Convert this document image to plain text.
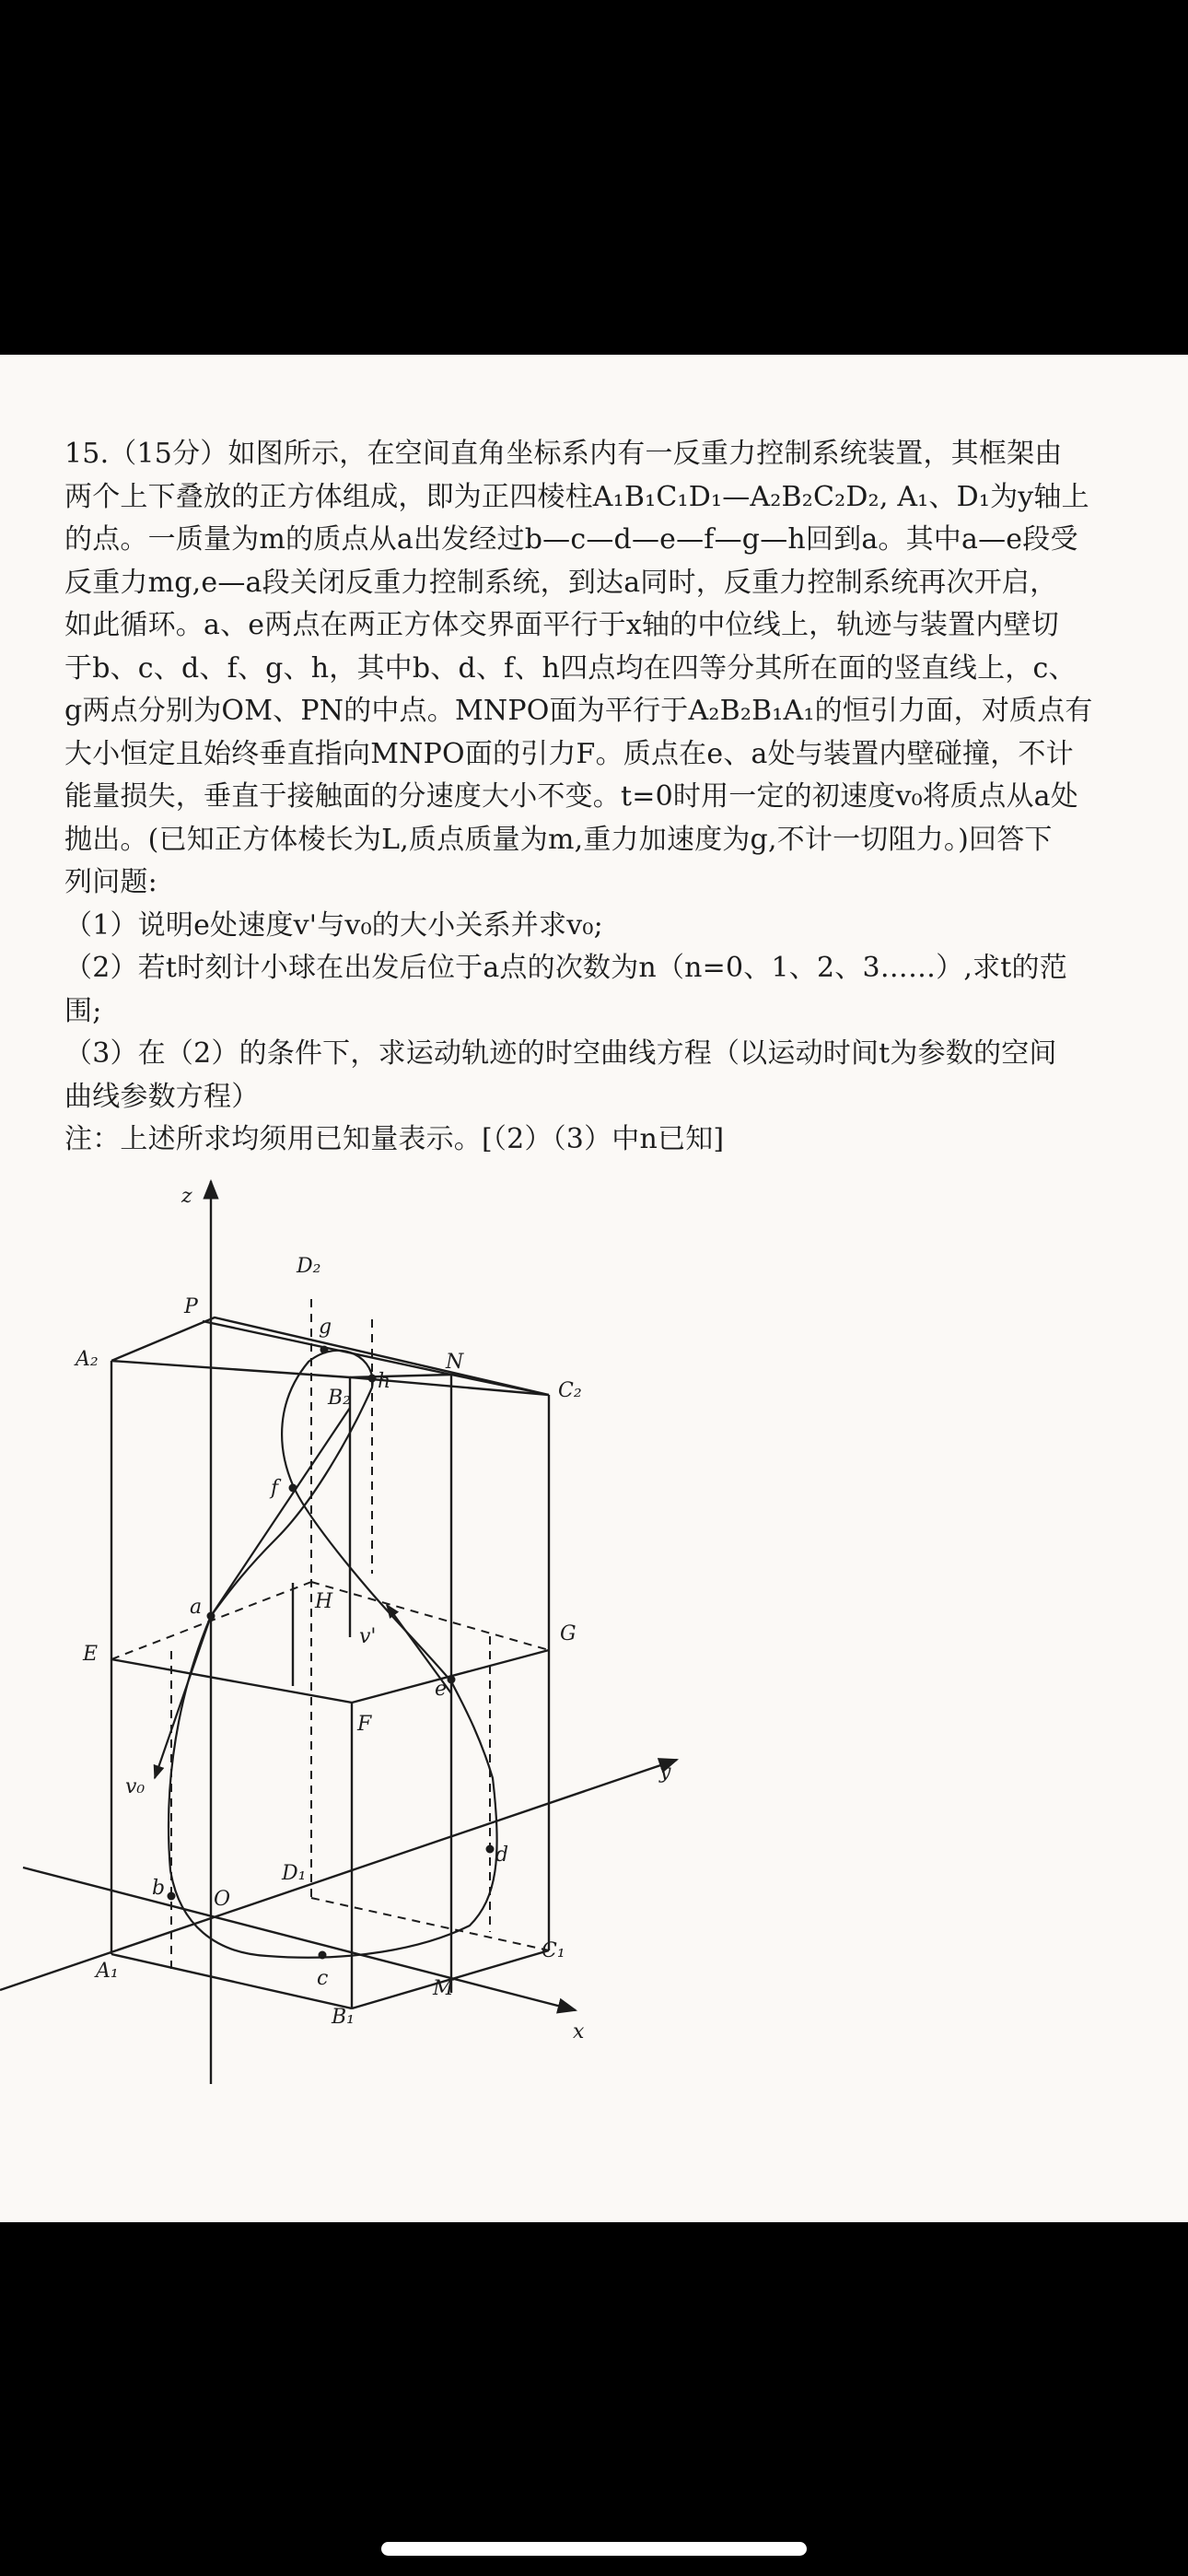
15.（15分）如图所示，在空间直角坐标系内有一反重力控制系统装置，其框架由
两个上下叠放的正方体组成，即为正四棱柱A₁B₁C₁D₁—A₂B₂C₂D₂, A₁、D₁为y轴上
的点。一质量为m的质点从a出发经过b—c—d—e—f—g—h回到a。其中a—e段受
反重力mg,e—a段关闭反重力控制系统，到达a同时，反重力控制系统再次开启，
如此循环。a、e两点在两正方体交界面平行于x轴的中位线上，轨迹与装置内壁切
于b、c、d、f、g、h，其中b、d、f、h四点均在四等分其所在面的竖直线上，c、
g两点分别为OM、PN的中点。MNPO面为平行于A₂B₂B₁A₁的恒引力面，对质点有
大小恒定且始终垂直指向MNPO面的引力F。质点在e、a处与装置内壁碰撞，不计
能量损失，垂直于接触面的分速度大小不变。t=0时用一定的初速度v₀将质点从a处
抛出。(已知正方体棱长为L,质点质量为m,重力加速度为g,不计一切阻力。)回答下
列问题:
（1）说明e处速度v'与v₀的大小关系并求v₀;
（2）若t时刻计小球在出发后位于a点的次数为n（n=0、1、2、3……）,求t的范
围;
（3）在（2）的条件下，求运动轨迹的时空曲线方程（以运动时间t为参数的空间
曲线参数方程）
注：上述所求均须用已知量表示。[（2）（3）中n已知]
z
y
x
O
P
D₂
C₂
A₂	N
B₂
E
H
G
F
A₁
B₁
C₁
D₁
M
a
b
c
d
e
f
g
h
v₀
v'
